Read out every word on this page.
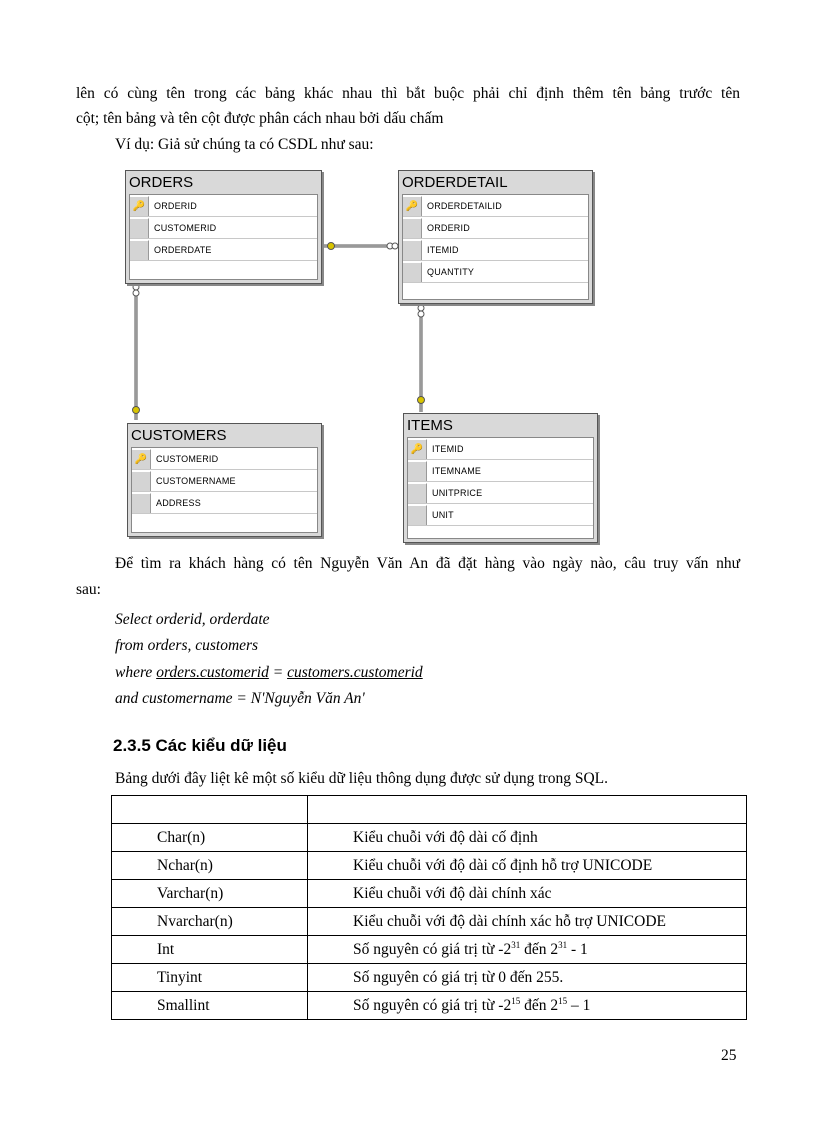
lên có cùng tên trong các bảng khác nhau thì bắt buộc phải chỉ định thêm tên bảng trước tên
cột; tên bảng và tên cột được phân cách nhau bởi dấu chấm
Ví dụ: Giả sử chúng ta có CSDL như sau:
ORDERS
🔑 ORDERID
CUSTOMERID
ORDERDATE
ORDERDETAIL
🔑 ORDERDETAILID
ORDERID
ITEMID
QUANTITY
CUSTOMERS
🔑 CUSTOMERID
CUSTOMERNAME
ADDRESS
ITEMS
🔑 ITEMID
ITEMNAME
UNITPRICE
UNIT
Để tìm ra khách hàng có tên Nguyễn Văn An đã đặt hàng vào ngày nào, câu truy vấn như
sau:
Select orderid, orderdate
from orders, customers
where orders.customerid = customers.customerid
and customername = N'Nguyễn Văn An'
2.3.5 Các kiểu dữ liệu
Bảng dưới đây liệt kê một số kiểu dữ liệu thông dụng được sử dụng trong SQL.

Char(n)	Kiểu chuỗi với độ dài cố định
Nchar(n)	Kiểu chuỗi với độ dài cố định hỗ trợ UNICODE
Varchar(n)	Kiểu chuỗi với độ dài chính xác
Nvarchar(n)	Kiểu chuỗi với độ dài chính xác hỗ trợ UNICODE
Int	Số nguyên có giá trị từ $-2^{31}$ đến $2^{31} - 1$
Tinyint	Số nguyên có giá trị từ 0 đến 255.
Smallint	Số nguyên có giá trị từ $-2^{15}$ đến $2^{15} - 1$
25
